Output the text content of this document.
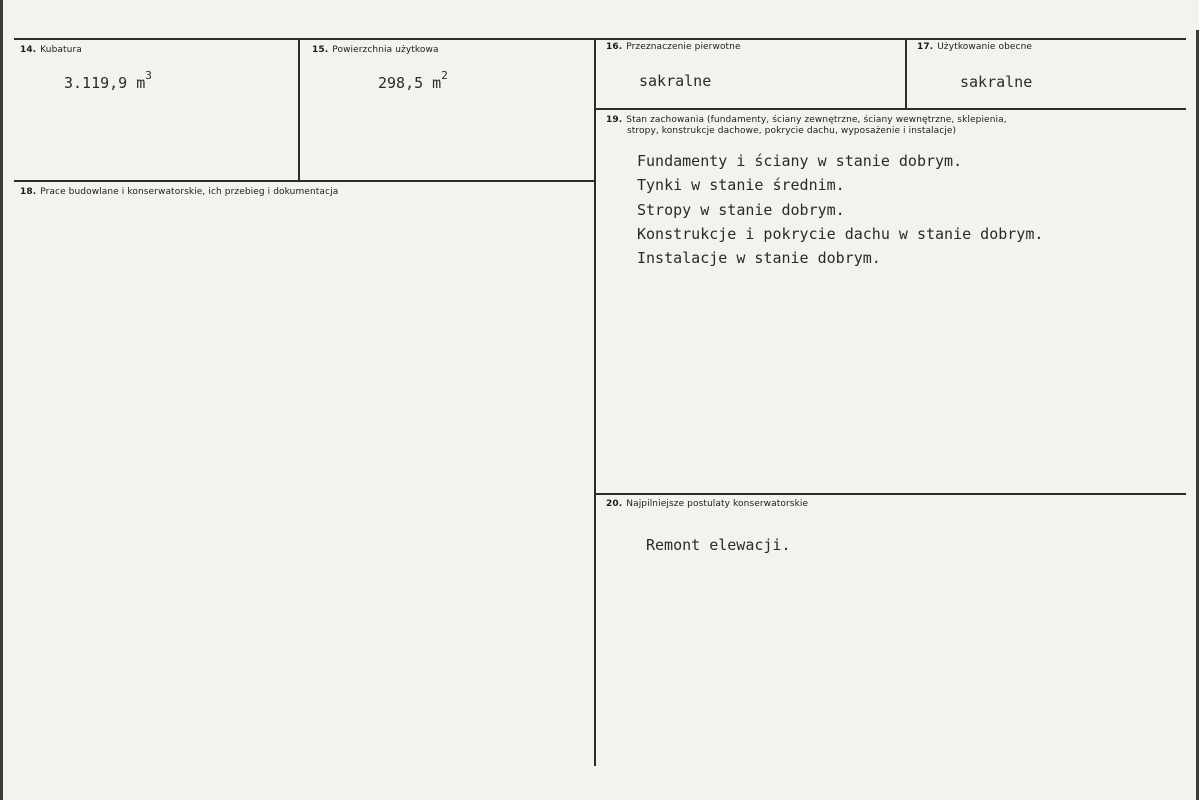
14. Kubatura
3.119,9 $m^3$
15. Powierzchnia użytkowa
298,5 $m^2$
16. Przeznaczenie pierwotne
sakralne
17. Użytkowanie obecne
sakralne
18. Prace budowlane i konserwatorskie, ich przebieg i dokumentacja
19. Stan zachowania (fundamenty, ściany zewnętrzne, ściany wewnętrzne, sklepienia,
stropy, konstrukcje dachowe, pokrycie dachu, wyposażenie i instalacje)
Fundamenty i ściany w stanie dobrym.
Tynki w stanie średnim.
Stropy w stanie dobrym.
Konstrukcje i pokrycie dachu w stanie dobrym.
Instalacje w stanie dobrym.
20. Najpilniejsze postulaty konserwatorskie
Remont elewacji.
